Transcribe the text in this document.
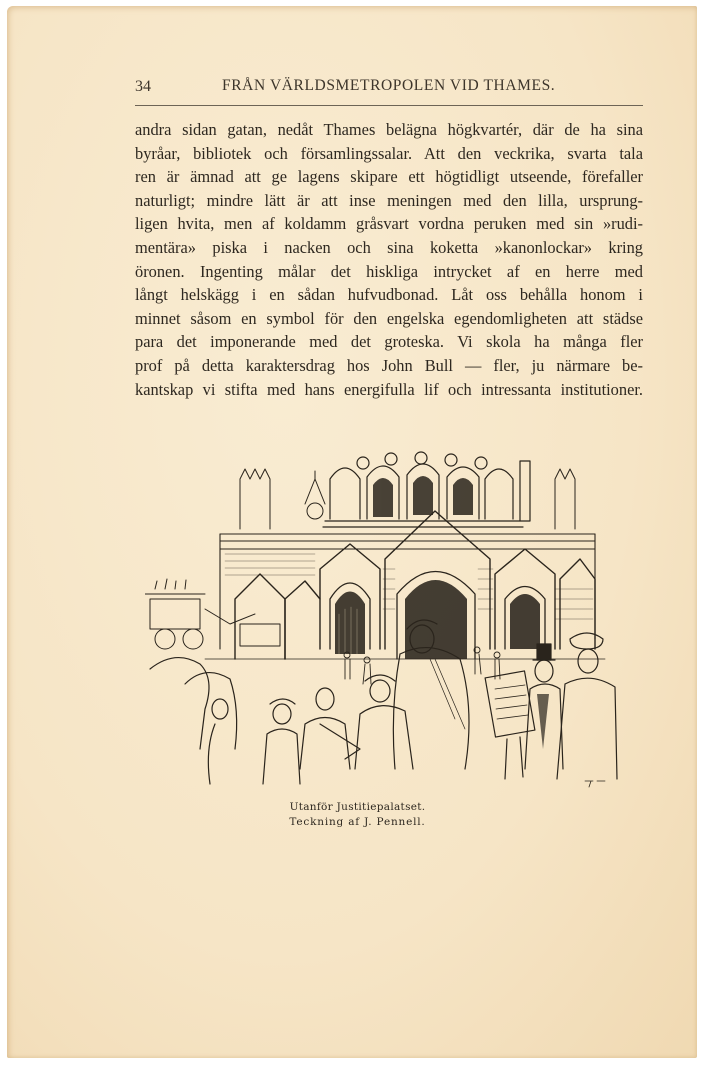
34	FRÅN VÄRLDSMETROPOLEN VID THAMES.
andra sidan gatan, nedåt Thames belägna högkvartér, där de ha sina
byråar, bibliotek och församlingssalar. Att den veckrika, svarta tala
ren är ämnad att ge lagens skipare ett högtidligt utseende, förefaller
naturligt; mindre lätt är att inse meningen med den lilla, ursprung-
ligen hvita, men af koldamm gråsvart vordna peruken med sin »rudi-
mentära» piska i nacken och sina koketta »kanonlockar» kring
öronen. Ingenting målar det hiskliga intrycket af en herre med
långt helskägg i en sådan hufvudbonad. Låt oss behålla honom i
minnet såsom en symbol för den engelska egendomligheten att städse
para det imponerande med det groteska. Vi skola ha många fler
prof på detta karaktersdrag hos John Bull — fler, ju närmare be-
kantskap vi stifta med hans energifulla lif och intressanta institutioner.
Utanför Justitiepalatset.
Teckning af J. Pennell.
